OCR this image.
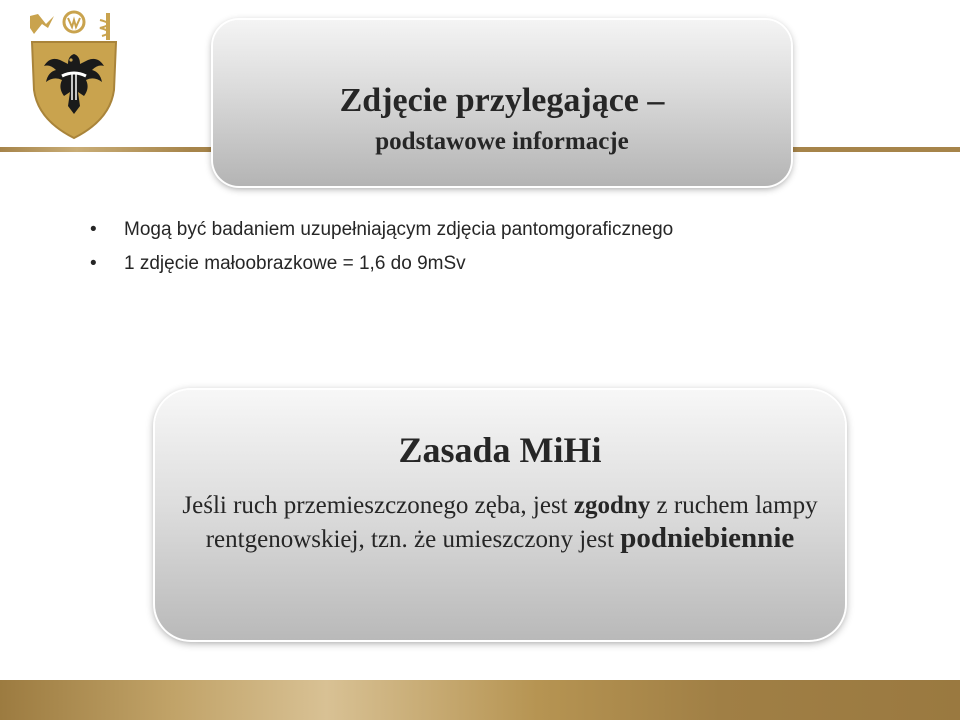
Zdjęcie przylegające –
podstawowe informacje
• Mogą być badaniem uzupełniającym zdjęcia pantomgoraficznego
• 1 zdjęcie małoobrazkowe = 1,6 do 9mSv
Zasada MiHi
Jeśli ruch przemieszczonego zęba, jest zgodny z ruchem lampy rentgenowskiej, tzn. że umieszczony jest podniebiennie
